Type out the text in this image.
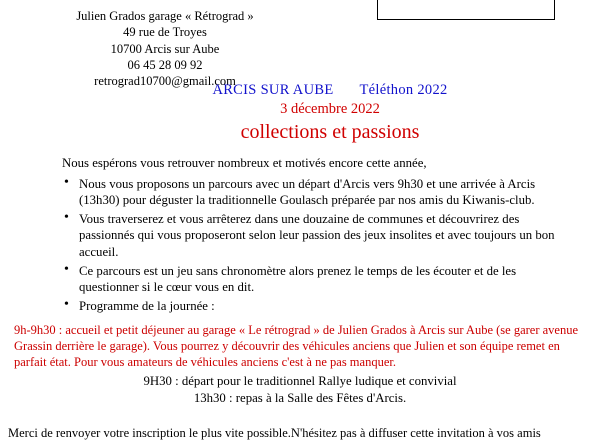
Julien Grados garage « Rétrograd »
49 rue de Troyes
10700 Arcis sur Aube
06 45 28 09 92
retrograd10700@gmail.com
ARCIS SUR AUBE Téléthon 2022
3 décembre 2022
collections et passions

Nous espérons vous retrouver nombreux et motivés encore cette année,

• Nous vous proposons un parcours avec un départ d'Arcis vers 9h30 et une arrivée à Arcis (13h30) pour déguster la traditionnelle Goulasch préparée par nos amis du Kiwanis-club.
• Vous traverserez et vous arrêterez dans une douzaine de communes et découvrirez des passionnés qui vous proposeront selon leur passion des jeux insolites et avec toujours un bon accueil.
• Ce parcours est un jeu sans chronomètre alors prenez le temps de les écouter et de les questionner si le cœur vous en dit.
• Programme de la journée :
9h-9h30 : accueil et petit déjeuner au garage « Le rétrograd » de Julien Grados à Arcis sur Aube (se garer avenue Grassin derrière le garage). Vous pourrez y découvrir des véhicules anciens que Julien et son équipe remet en parfait état. Pour vous amateurs de véhicules anciens c'est à ne pas manquer.
9H30 : départ pour le traditionnel Rallye ludique et convivial
13h30 : repas à la Salle des Fêtes d'Arcis.
Merci de renvoyer votre inscription le plus vite possible.N'hésitez pas à diffuser cette invitation à vos amis
